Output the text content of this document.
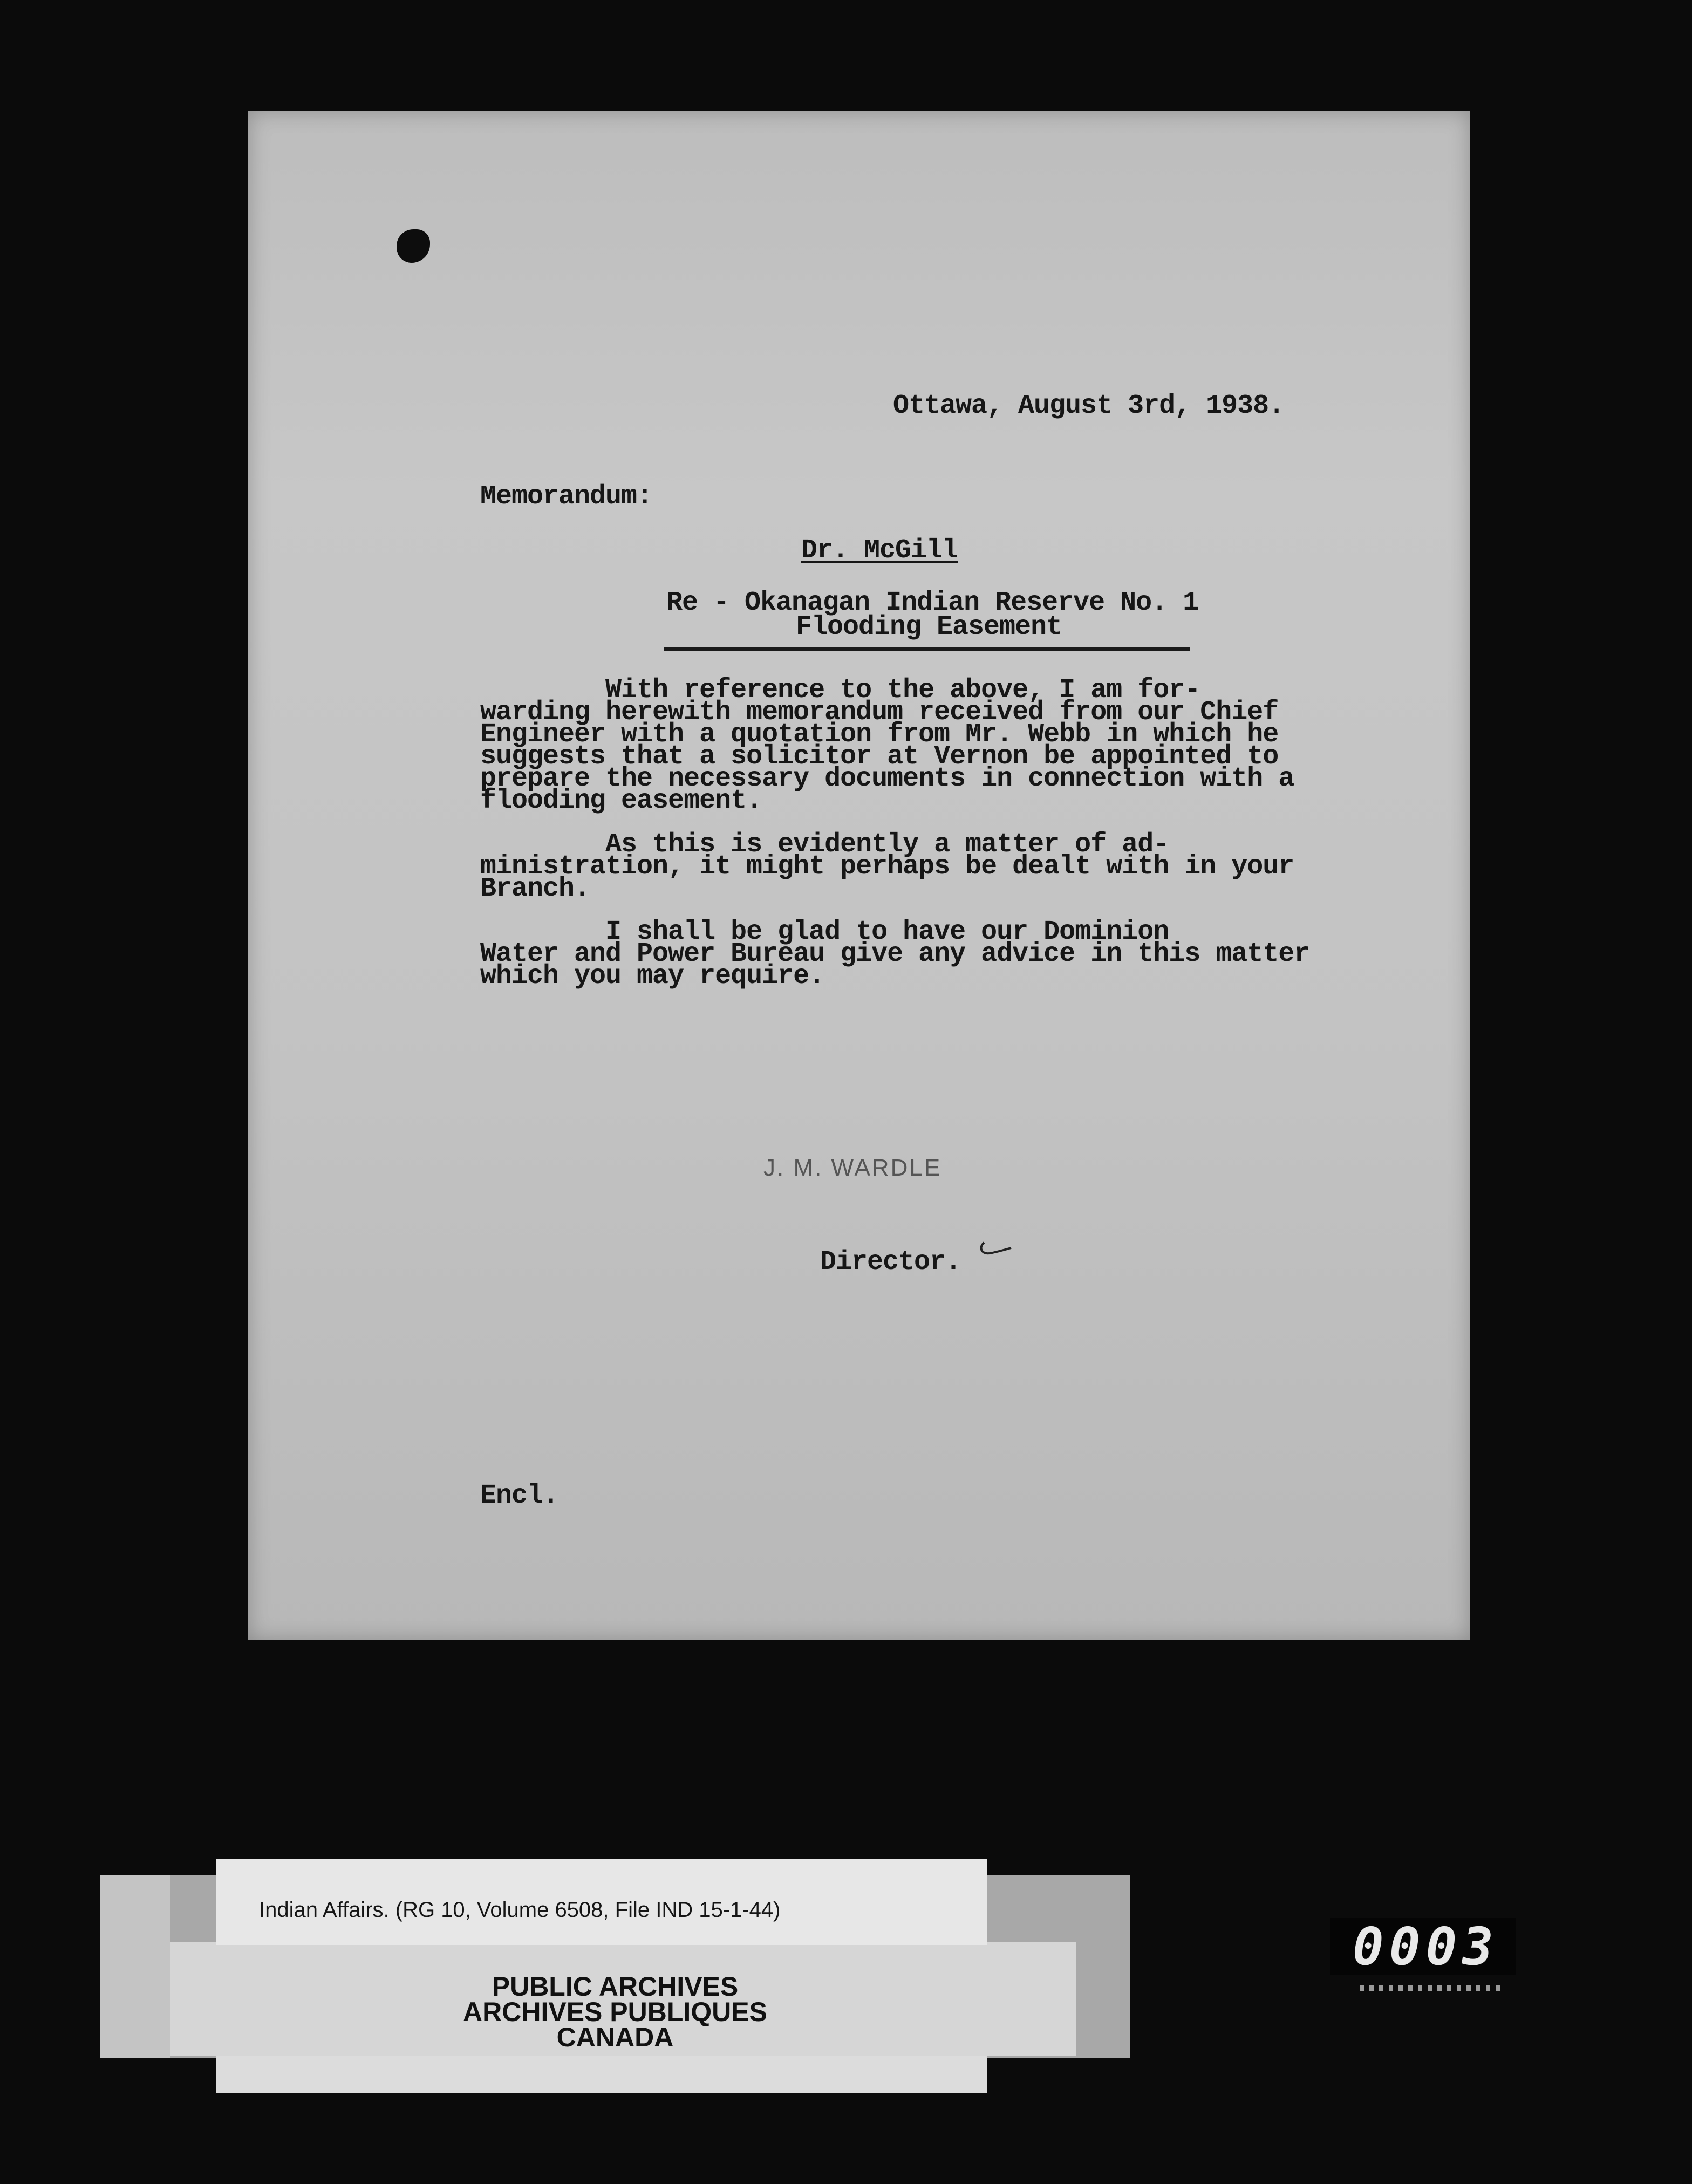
Ottawa, August 3rd, 1938.
Memorandum:
Dr. McGill
Re - Okanagan Indian Reserve No. 1
Flooding Easement
With reference to the above, I am for-
warding herewith memorandum received from our Chief
Engineer with a quotation from Mr. Webb in which he
suggests that a solicitor at Vernon be appointed to
prepare the necessary documents in connection with a
flooding easement.
As this is evidently a matter of ad-
ministration, it might perhaps be dealt with in your
Branch.
I shall be glad to have our Dominion
Water and Power Bureau give any advice in this matter
which you may require.
J. M. WARDLE
Director.
Encl.
Indian Affairs. (RG 10, Volume 6508, File IND 15-1-44)
PUBLIC ARCHIVES
ARCHIVES PUBLIQUES
CANADA
0 0 0 3
